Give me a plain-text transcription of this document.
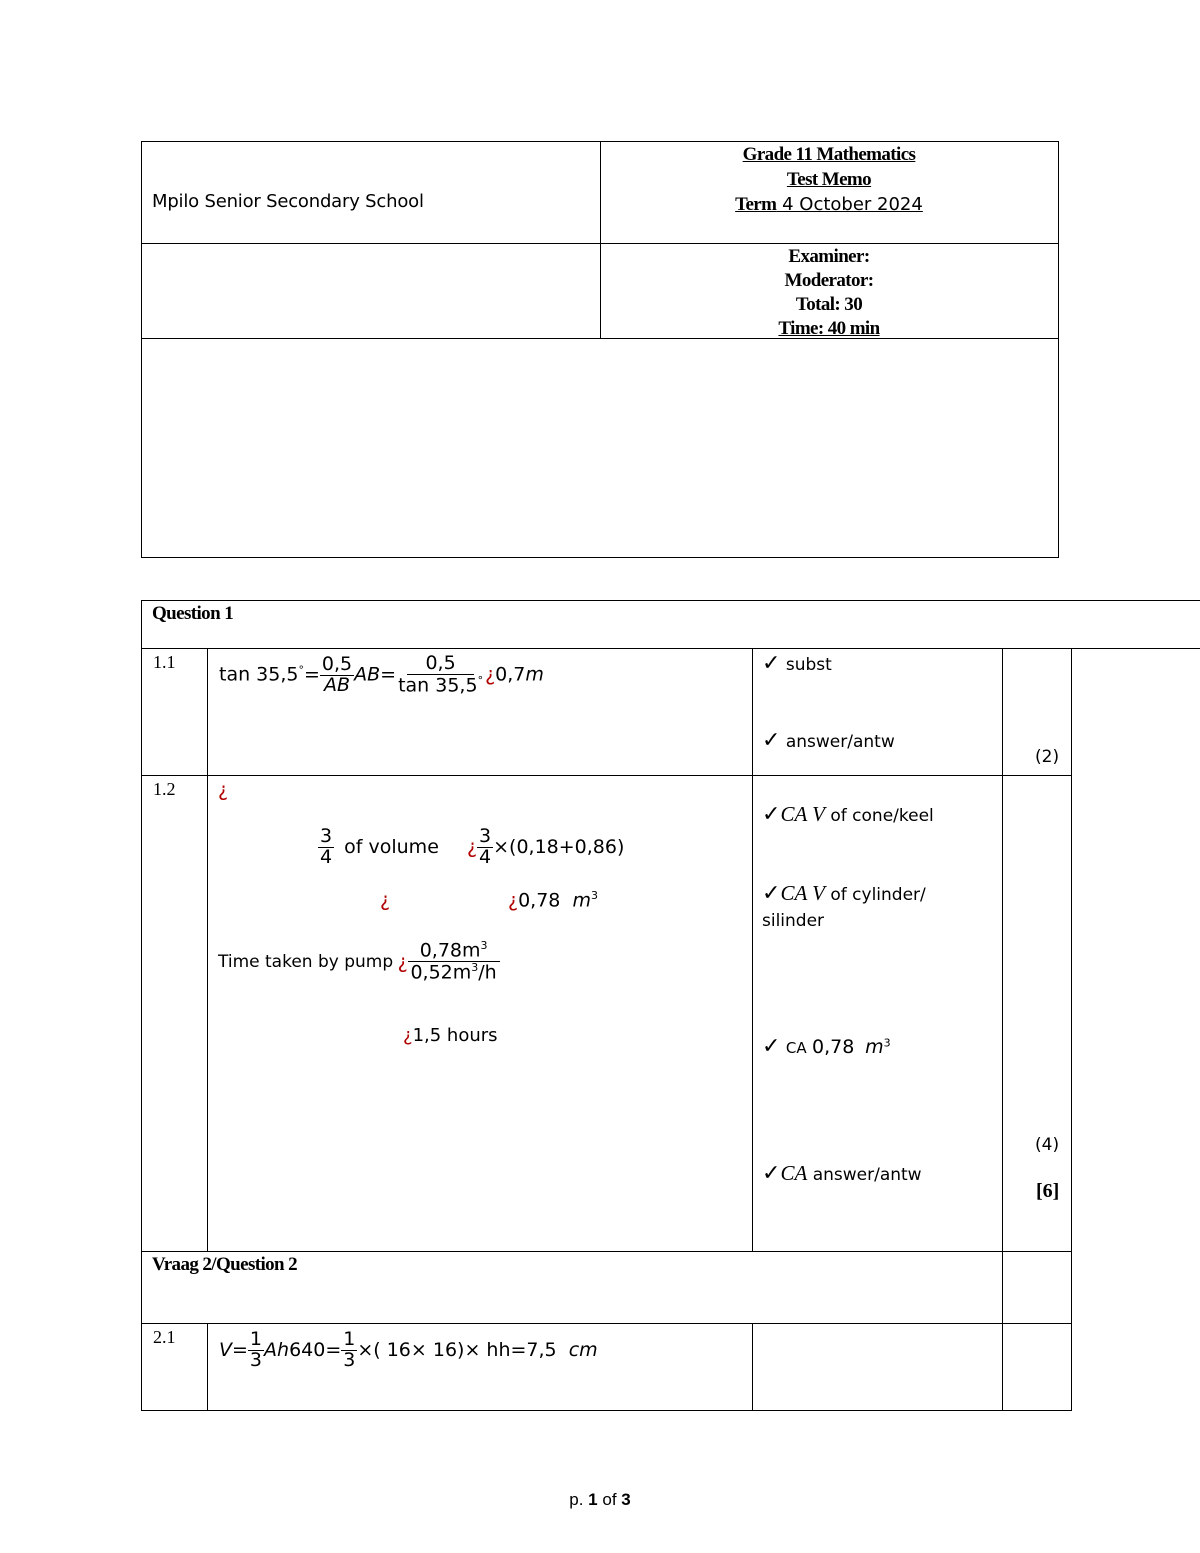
Mpilo Senior Secondary School
Grade 11 Mathematics
Test Memo
Term 4 October 2024
Examiner:
Moderator:
Total: 30
Time: 40 min
Question 1
1.1
$\tan 35,5^\circ= \frac{0,5}{AB} AB= \frac{0,5}{\tan 35,5^\circ}$ ¿0,7m	✓ subst
✓ answer/antw
(2)
1.2 ¿
$\frac{3}{4}$ of volume ¿ $\frac{3}{4} \times(0,18+0,86)$
¿	¿0,78 $m^3$
Time taken by pump ¿ $\frac{0,78m^3}{0,52m^3/h}$
¿1,5 hours
✓CA V of cone/keel
✓CA V of cylinder/
silinder
✓ CA 0,78 $m^3$
✓CA answer/antw
(4)
[6]
Vraag 2/Question 2
2.1
$V= \frac{1}{3} Ah640= \frac{1}{3}$ ×( 16× 16)× hh=7,5 cm
p. 1 of 3
